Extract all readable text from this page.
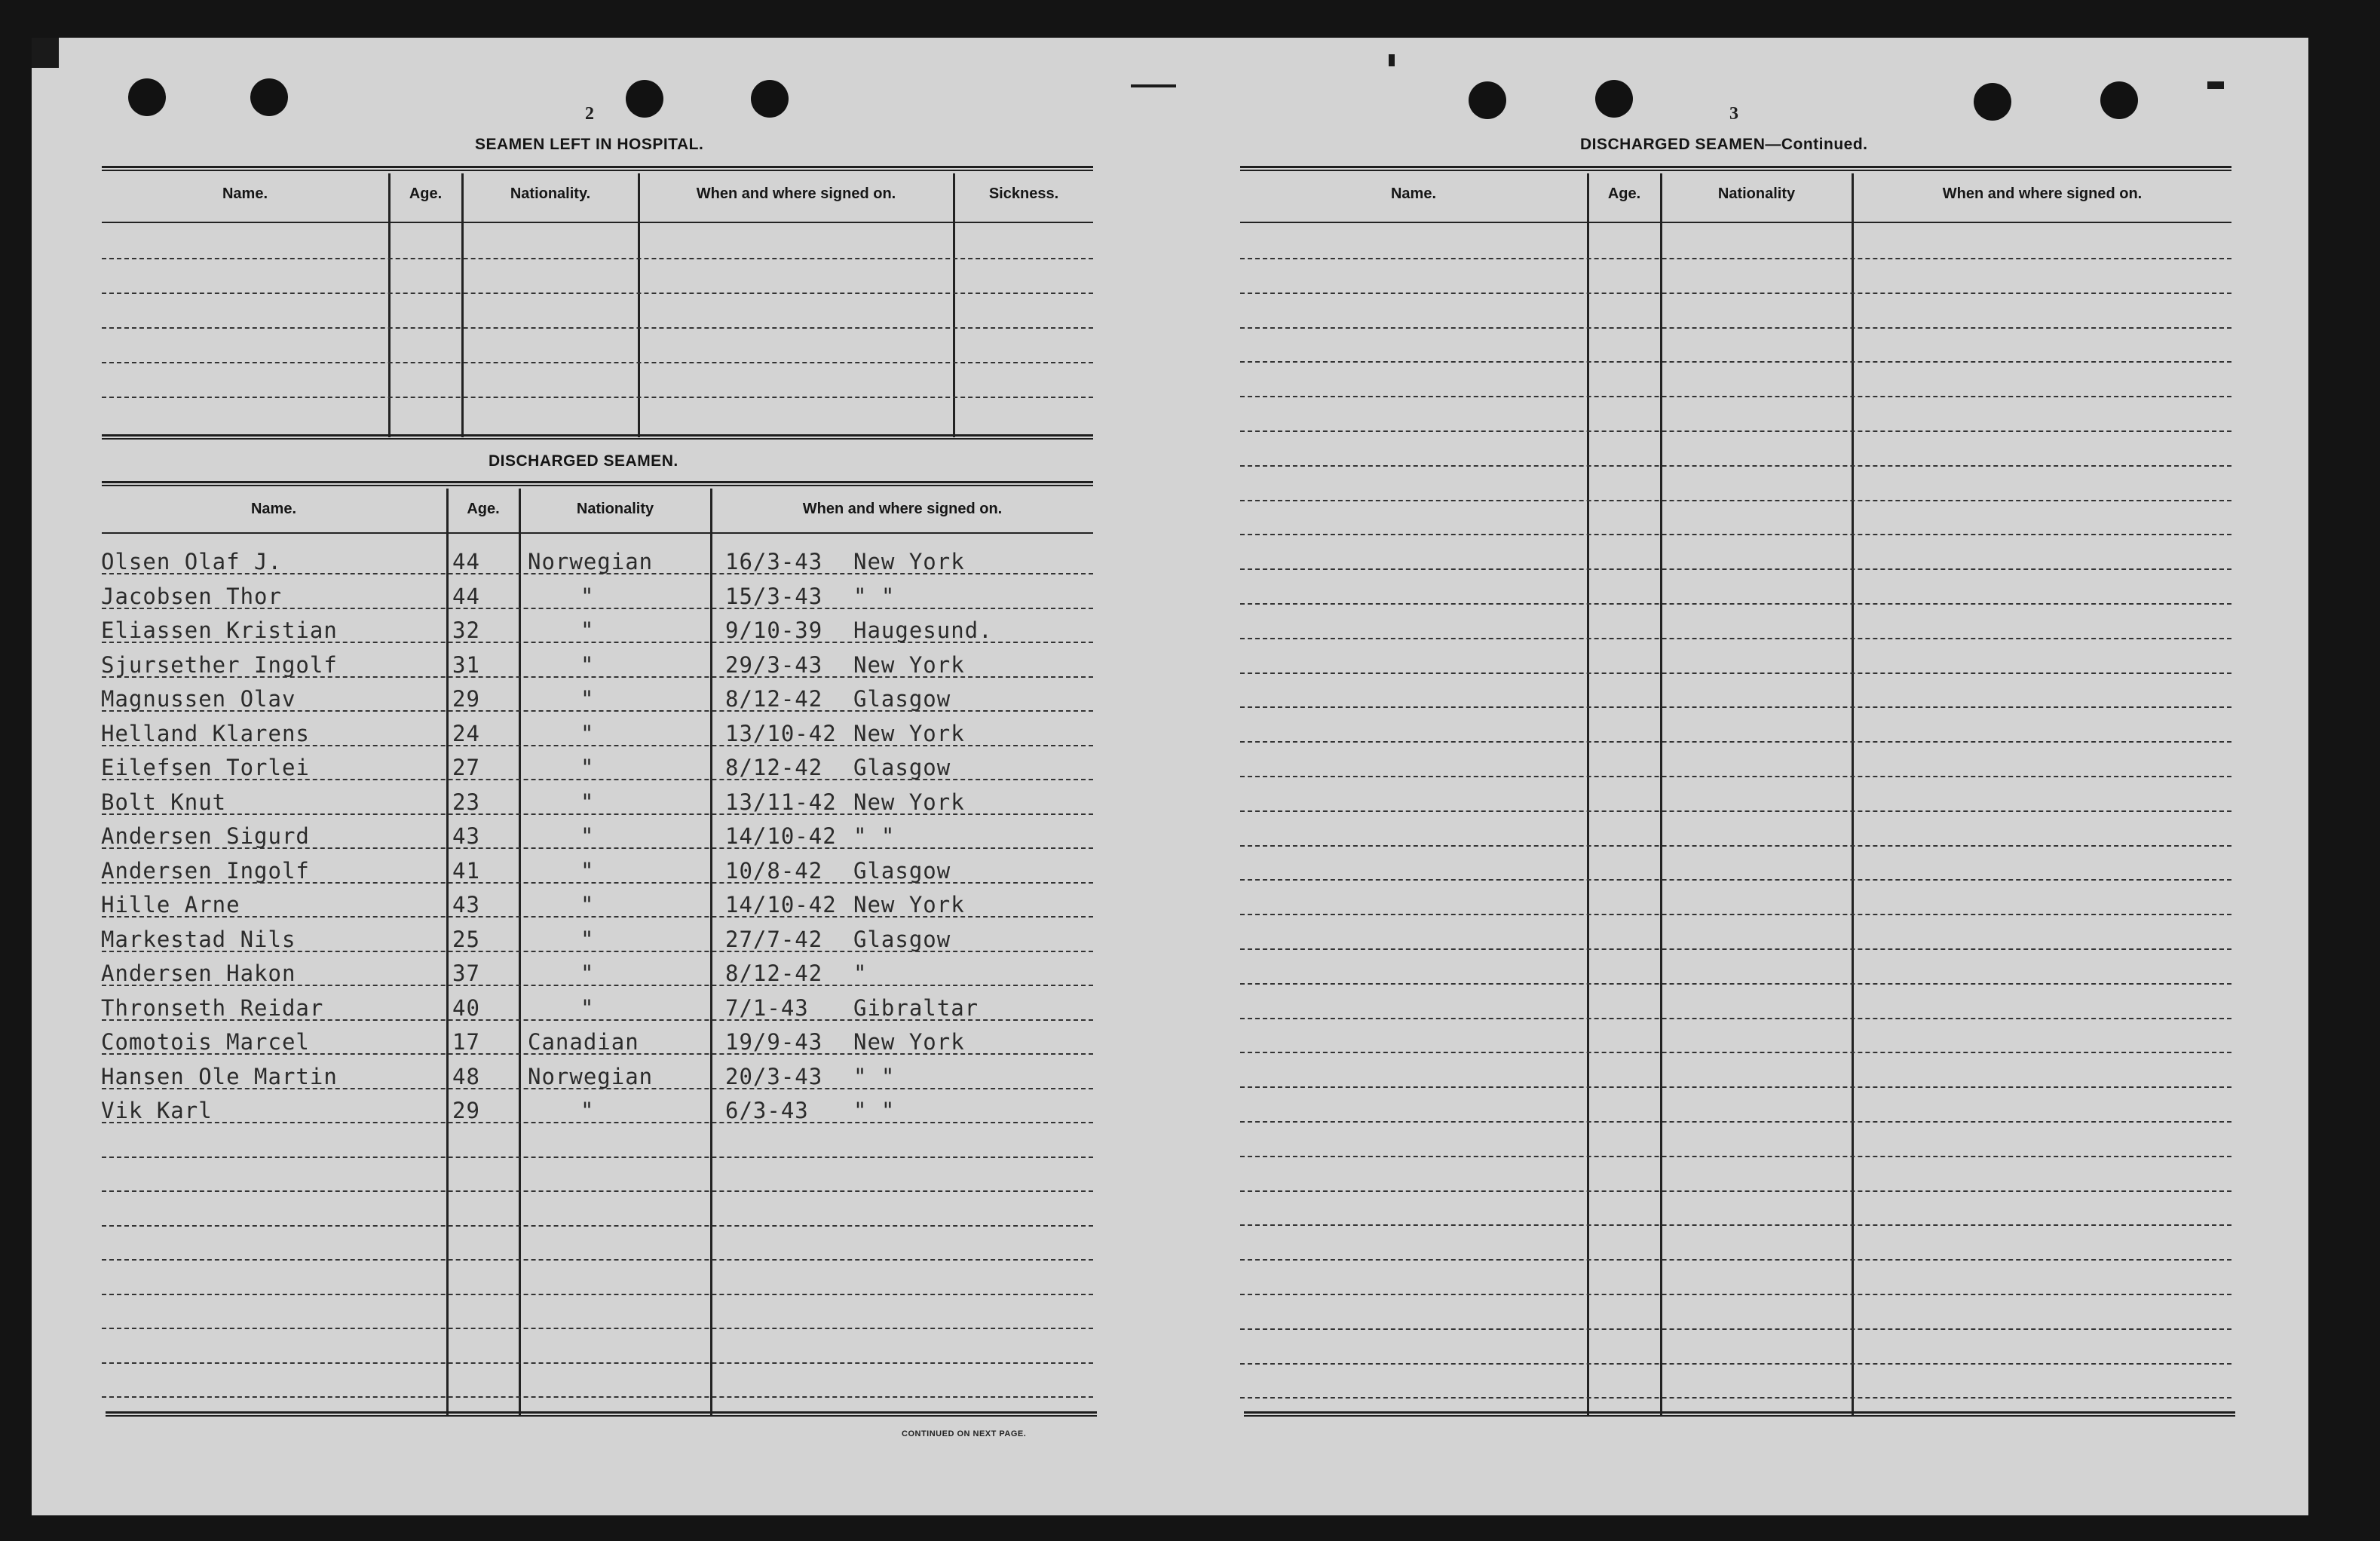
2
SEAMEN LEFT IN HOSPITAL.
Name.	Age.	Nationality.	When and where signed on.	Sickness.
DISCHARGED SEAMEN.
Name.	Age.	Nationality	When and where signed on.
Olsen Olaf J.	44 Norwegian	16/3-43 New York
Jacobsen Thor	44	"	15/3-43 " "
Eliassen Kristian	32	"	9/10-39 Haugesund.
Sjursether Ingolf	31	"	29/3-43 New York
Magnussen Olav	29	"	8/12-42 Glasgow
Helland Klarens	24	"	13/10-42 New York
Eilefsen Torlei	27	"	8/12-42 Glasgow
Bolt Knut	23	"	13/11-42 New York
Andersen Sigurd	43	"	14/10-42 " "
Andersen Ingolf	41	"	10/8-42 Glasgow
Hille Arne	43	"	14/10-42 New York
Markestad Nils	25	"	27/7-42 Glasgow
Andersen Hakon	37	"	8/12-42 "
Thronseth Reidar	40	"	7/1-43 Gibraltar
Comotois Marcel	17 Canadian	19/9-43 New York
Hansen Ole Martin	48 Norwegian	20/3-43 " "
Vik Karl	29	"	6/3-43 " "
CONTINUED ON NEXT PAGE.
3
DISCHARGED SEAMEN—Continued.
Name.	Age.	Nationality	When and where signed on.
